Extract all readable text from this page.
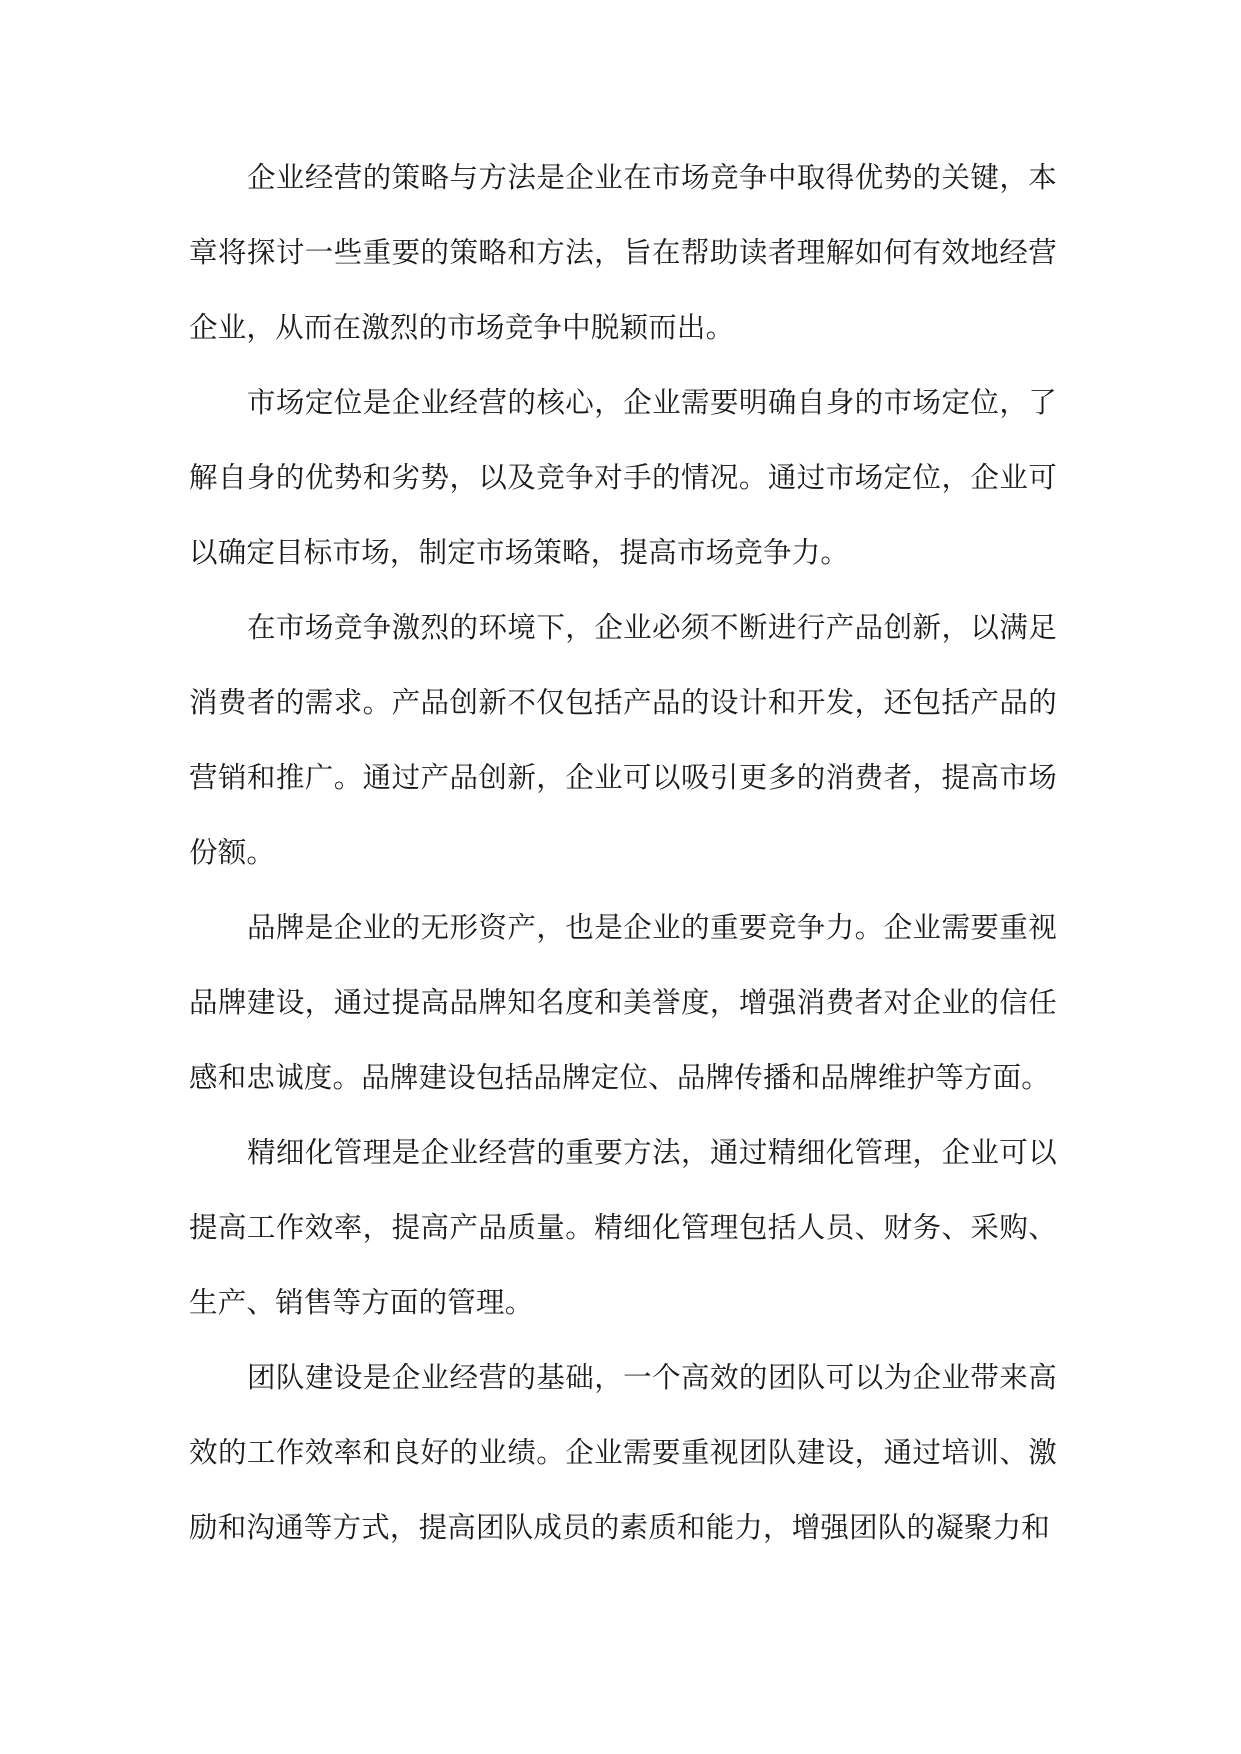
企业经营的策略与方法是企业在市场竞争中取得优势的关键，本章将探讨一些重要的策略和方法，旨在帮助读者理解如何有效地经营企业，从而在激烈的市场竞争中脱颖而出。

市场定位是企业经营的核心，企业需要明确自身的市场定位，了解自身的优势和劣势，以及竞争对手的情况。通过市场定位，企业可以确定目标市场，制定市场策略，提高市场竞争力。

在市场竞争激烈的环境下，企业必须不断进行产品创新，以满足消费者的需求。产品创新不仅包括产品的设计和开发，还包括产品的营销和推广。通过产品创新，企业可以吸引更多的消费者，提高市场份额。

品牌是企业的无形资产，也是企业的重要竞争力。企业需要重视品牌建设，通过提高品牌知名度和美誉度，增强消费者对企业的信任感和忠诚度。品牌建设包括品牌定位、品牌传播和品牌维护等方面。

精细化管理是企业经营的重要方法，通过精细化管理，企业可以提高工作效率，提高产品质量。精细化管理包括人员、财务、采购、生产、销售等方面的管理。

团队建设是企业经营的基础，一个高效的团队可以为企业带来高效的工作效率和良好的业绩。企业需要重视团队建设，通过培训、激励和沟通等方式，提高团队成员的素质和能力，增强团队的凝聚力和
